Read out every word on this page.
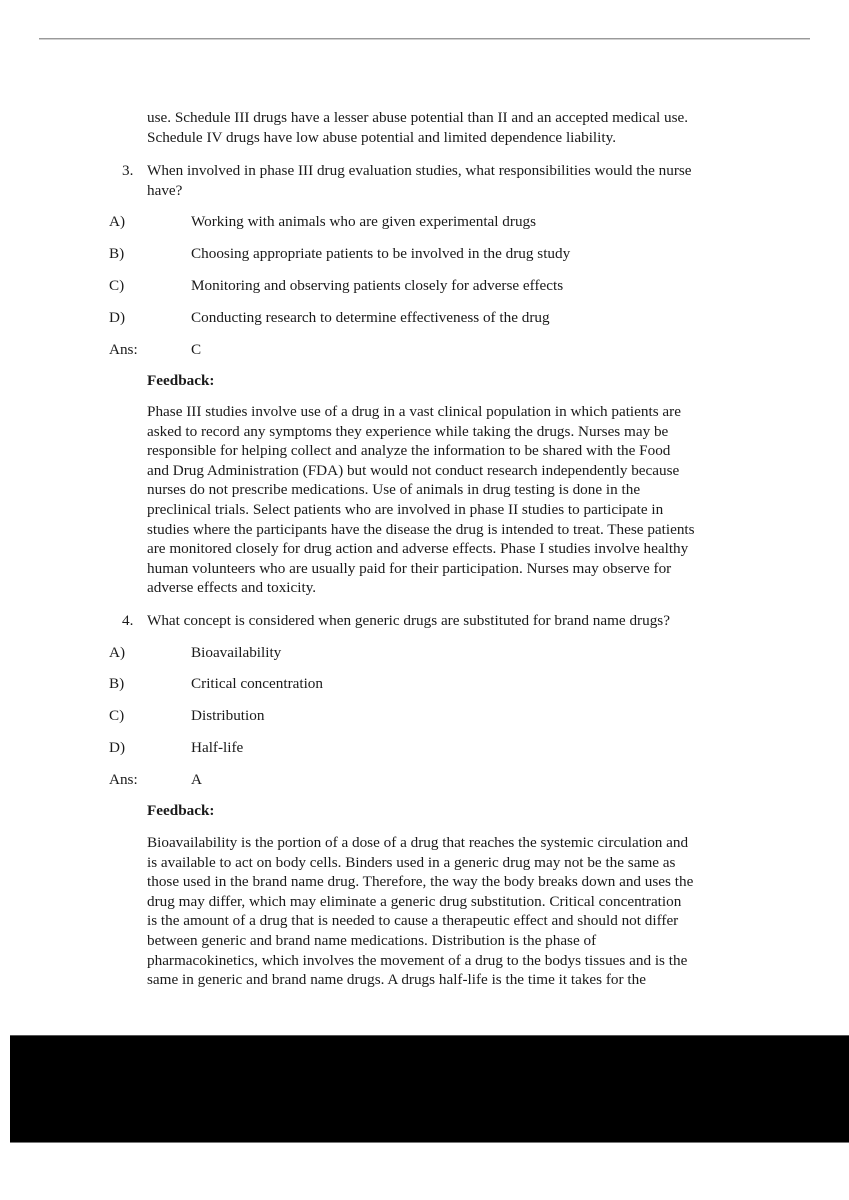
use. Schedule III drugs have a lesser abuse potential than II and an accepted medical use.
Schedule IV drugs have low abuse potential and limited dependence liability.
3. When involved in phase III drug evaluation studies, what responsibilities would the nurse
have?
A)	Working with animals who are given experimental drugs
B)	Choosing appropriate patients to be involved in the drug study
C)	Monitoring and observing patients closely for adverse effects
D)	Conducting research to determine effectiveness of the drug
Ans:	C
Feedback:
Phase III studies involve use of a drug in a vast clinical population in which patients are
asked to record any symptoms they experience while taking the drugs. Nurses may be
responsible for helping collect and analyze the information to be shared with the Food
and Drug Administration (FDA) but would not conduct research independently because
nurses do not prescribe medications. Use of animals in drug testing is done in the
preclinical trials. Select patients who are involved in phase II studies to participate in
studies where the participants have the disease the drug is intended to treat. These patients
are monitored closely for drug action and adverse effects. Phase I studies involve healthy
human volunteers who are usually paid for their participation. Nurses may observe for
adverse effects and toxicity.
4. What concept is considered when generic drugs are substituted for brand name drugs?
A)	Bioavailability
B)	Critical concentration
C)	Distribution
D)	Half-life
Ans:	A
Feedback:
Bioavailability is the portion of a dose of a drug that reaches the systemic circulation and
is available to act on body cells. Binders used in a generic drug may not be the same as
those used in the brand name drug. Therefore, the way the body breaks down and uses the
drug may differ, which may eliminate a generic drug substitution. Critical concentration
is the amount of a drug that is needed to cause a therapeutic effect and should not differ
between generic and brand name medications. Distribution is the phase of
pharmacokinetics, which involves the movement of a drug to the bodys tissues and is the
same in generic and brand name drugs. A drugs half-life is the time it takes for the
